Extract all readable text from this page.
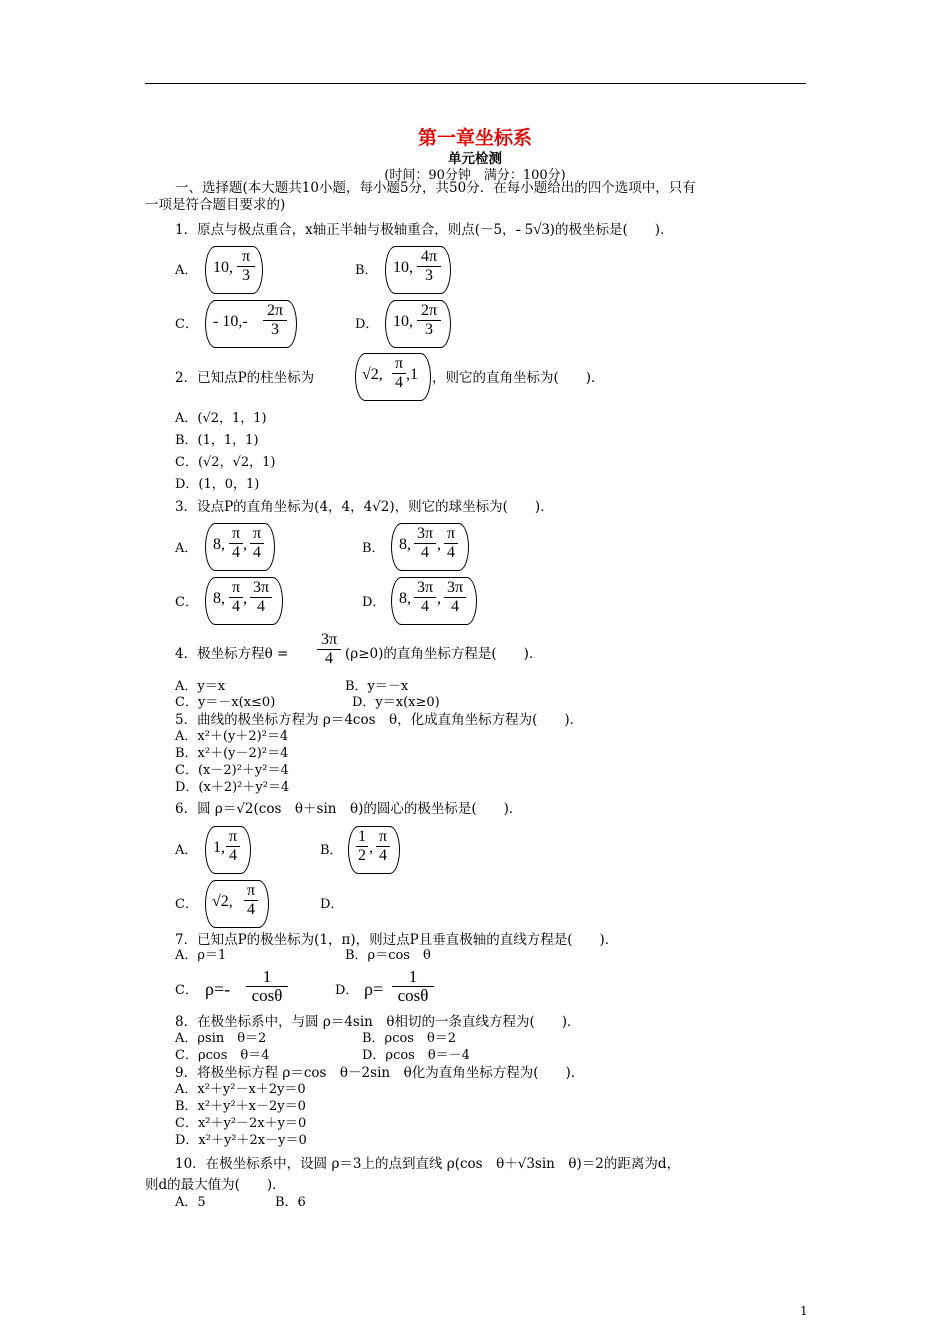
第一章坐标系
单元检测
(时间：90分钟　满分：100分)
一、选择题(本大题共10小题，每小题5分，共50分．在每小题给出的四个选项中，只有
一项是符合题目要求的)
1．原点与极点重合，x轴正半轴与极轴重合，则点(－5，- 5√3)的极坐标是(　　)．
A． 10, $\frac{\pi}{3}$	B． 10, $\frac{4\pi}{3}$
C． - $10,- \frac{2\pi}{3}$	D． 10, $\frac{2\pi}{3}$
2．已知点P的柱坐标为	√2, $\frac{\pi}{4} ,1$ ，则它的直角坐标为(　　)．
A．(√2，1，1)
B．(1，1，1)
C．(√2，√2，1)
D．(1，0，1)
3．设点P的直角坐标为(4，4，4√2)，则它的球坐标为(　　)．
A． 8, $\frac{\pi}{4}$ , $\frac{\pi}{4}$	B． 8, $\frac{3\pi}{4}$ , $\frac{\pi}{4}$
C． 8, $\frac{\pi}{4}$ , $\frac{3\pi}{4}$	D． 8, $\frac{3\pi}{4}$ , $\frac{3\pi}{4}$
4．极坐标方程$\theta = \frac{3\pi}{4} (\rho\ge 0)$的直角坐标方程是(　　)．
A．y＝x	B．y＝－x
C．y＝－x(x≤0)	D．y＝x(x≥0)
5．曲线的极坐标方程为 ρ＝4cos　θ，化成直角坐标方程为(　　)．
A．x²＋(y＋2)²＝4
B．x²＋(y－2)²＝4
C．(x－2)²＋y²＝4
D．(x＋2)²＋y²＝4
6．圆 ρ＝√2(cos　θ＋sin　θ)的圆心的极坐标是(　　)．
A． 1, $\frac{\pi}{4}$	B． $\frac{1}{2}$ , $\frac{\pi}{4}$
C． √2, $\frac{\pi}{4}$	D．
7．已知点P的极坐标为(1，π)，则过点P且垂直极轴的直线方程是(　　)．
A．ρ＝1	B．ρ＝cos　θ
C． $\rho=- \frac{1}{\cos\theta}$	D． $\rho= \frac{1}{\cos\theta}$
8．在极坐标系中，与圆 ρ＝4sin　θ相切的一条直线方程为(　　)．
A．ρsin　θ＝2	B．ρcos　θ＝2
C．ρcos　θ＝4	D．ρcos　θ＝－4
9．将极坐标方程 ρ＝cos　θ－2sin　θ化为直角坐标方程为(　　)．
A．x²＋y²－x＋2y＝0
B．x²＋y²＋x－2y＝0
C．x²＋y²－2x＋y＝0
D．x²＋y²＋2x－y＝0
10．在极坐标系中，设圆 ρ＝3上的点到直线 ρ(cos　θ＋√3sin　θ)＝2的距离为d，
则d的最大值为(　　)．
A．5	B．6
1
